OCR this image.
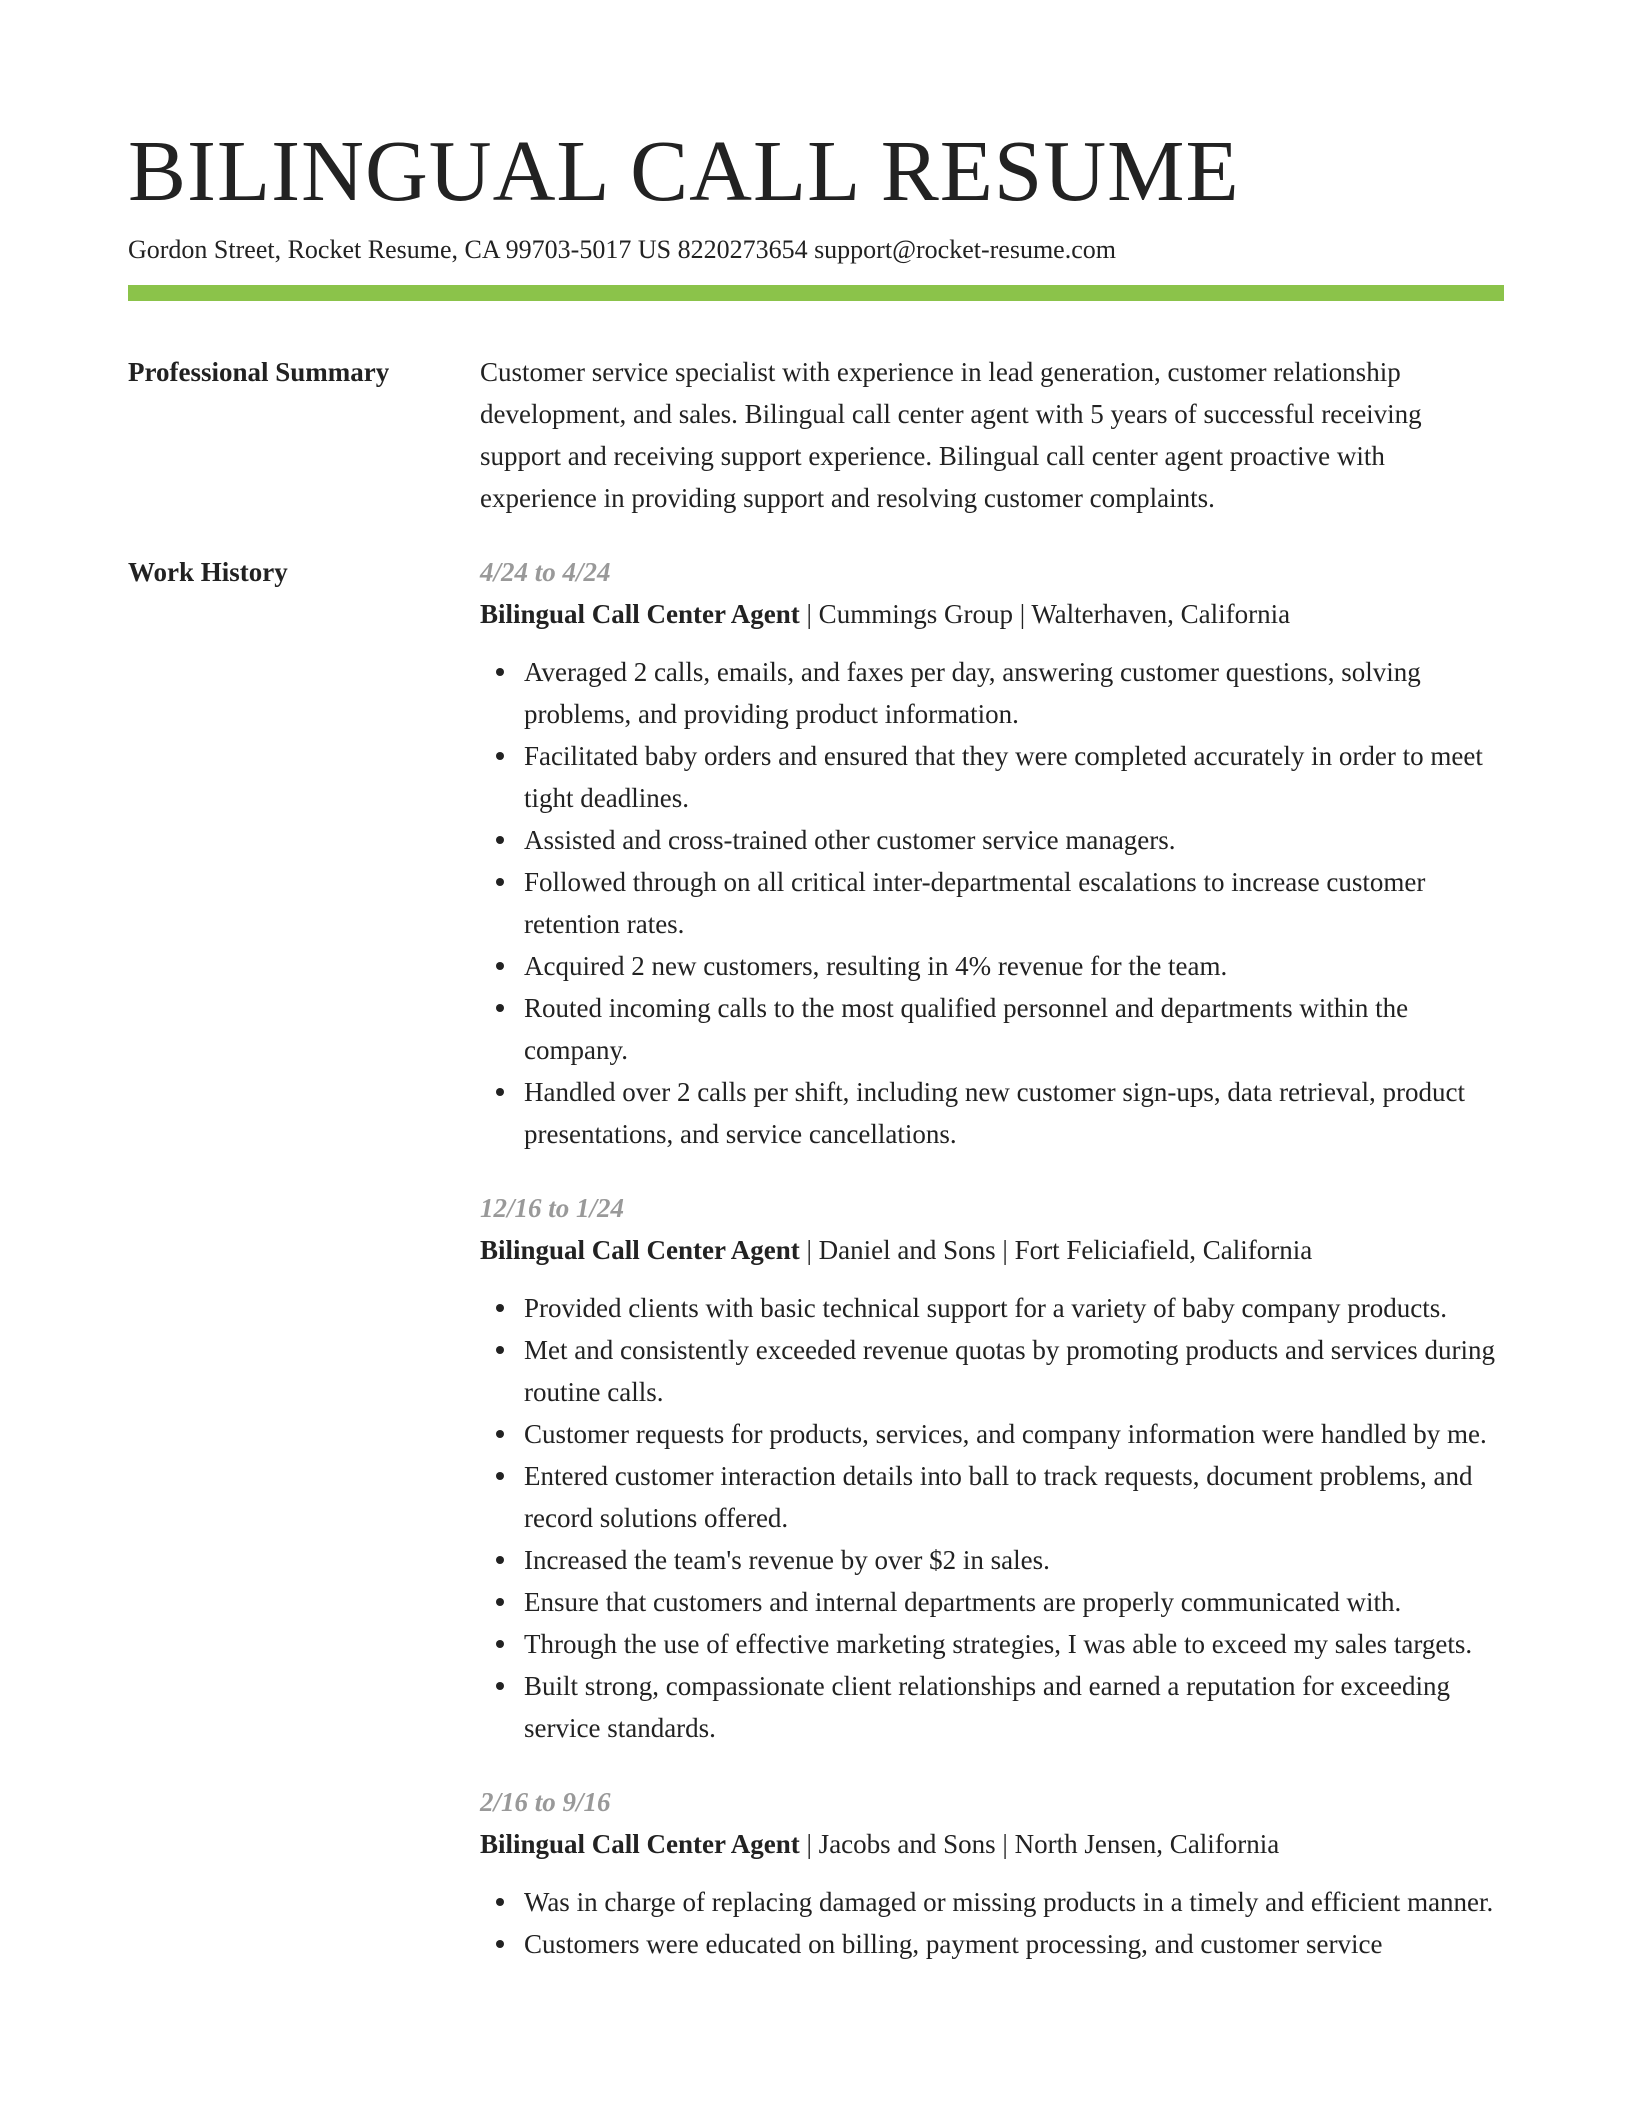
BILINGUAL CALL RESUME
Gordon Street, Rocket Resume, CA 99703-5017 US 8220273654 support@rocket-resume.com
Professional Summary	Customer service specialist with experience in lead generation, customer relationship development, and sales. Bilingual call center agent with 5 years of successful receiving support and receiving support experience. Bilingual call center agent proactive with experience in providing support and resolving customer complaints.

Work History	4/24 to 4/24
Bilingual Call Center Agent | Cummings Group | Walterhaven, California
Averaged 2 calls, emails, and faxes per day, answering customer questions, solving problems, and providing product information.
Facilitated baby orders and ensured that they were completed accurately in order to meet tight deadlines.
Assisted and cross-trained other customer service managers.
Followed through on all critical inter-departmental escalations to increase customer retention rates.
Acquired 2 new customers, resulting in 4% revenue for the team.
Routed incoming calls to the most qualified personnel and departments within the company.
Handled over 2 calls per shift, including new customer sign-ups, data retrieval, product presentations, and service cancellations.
12/16 to 1/24
Bilingual Call Center Agent | Daniel and Sons | Fort Feliciafield, California
Provided clients with basic technical support for a variety of baby company products.
Met and consistently exceeded revenue quotas by promoting products and services during routine calls.
Customer requests for products, services, and company information were handled by me.
Entered customer interaction details into ball to track requests, document problems, and record solutions offered.
Increased the team's revenue by over $2 in sales.
Ensure that customers and internal departments are properly communicated with.
Through the use of effective marketing strategies, I was able to exceed my sales targets.
Built strong, compassionate client relationships and earned a reputation for exceeding service standards.
2/16 to 9/16
Bilingual Call Center Agent | Jacobs and Sons | North Jensen, California
Was in charge of replacing damaged or missing products in a timely and efficient manner.
Customers were educated on billing, payment processing, and customer service
